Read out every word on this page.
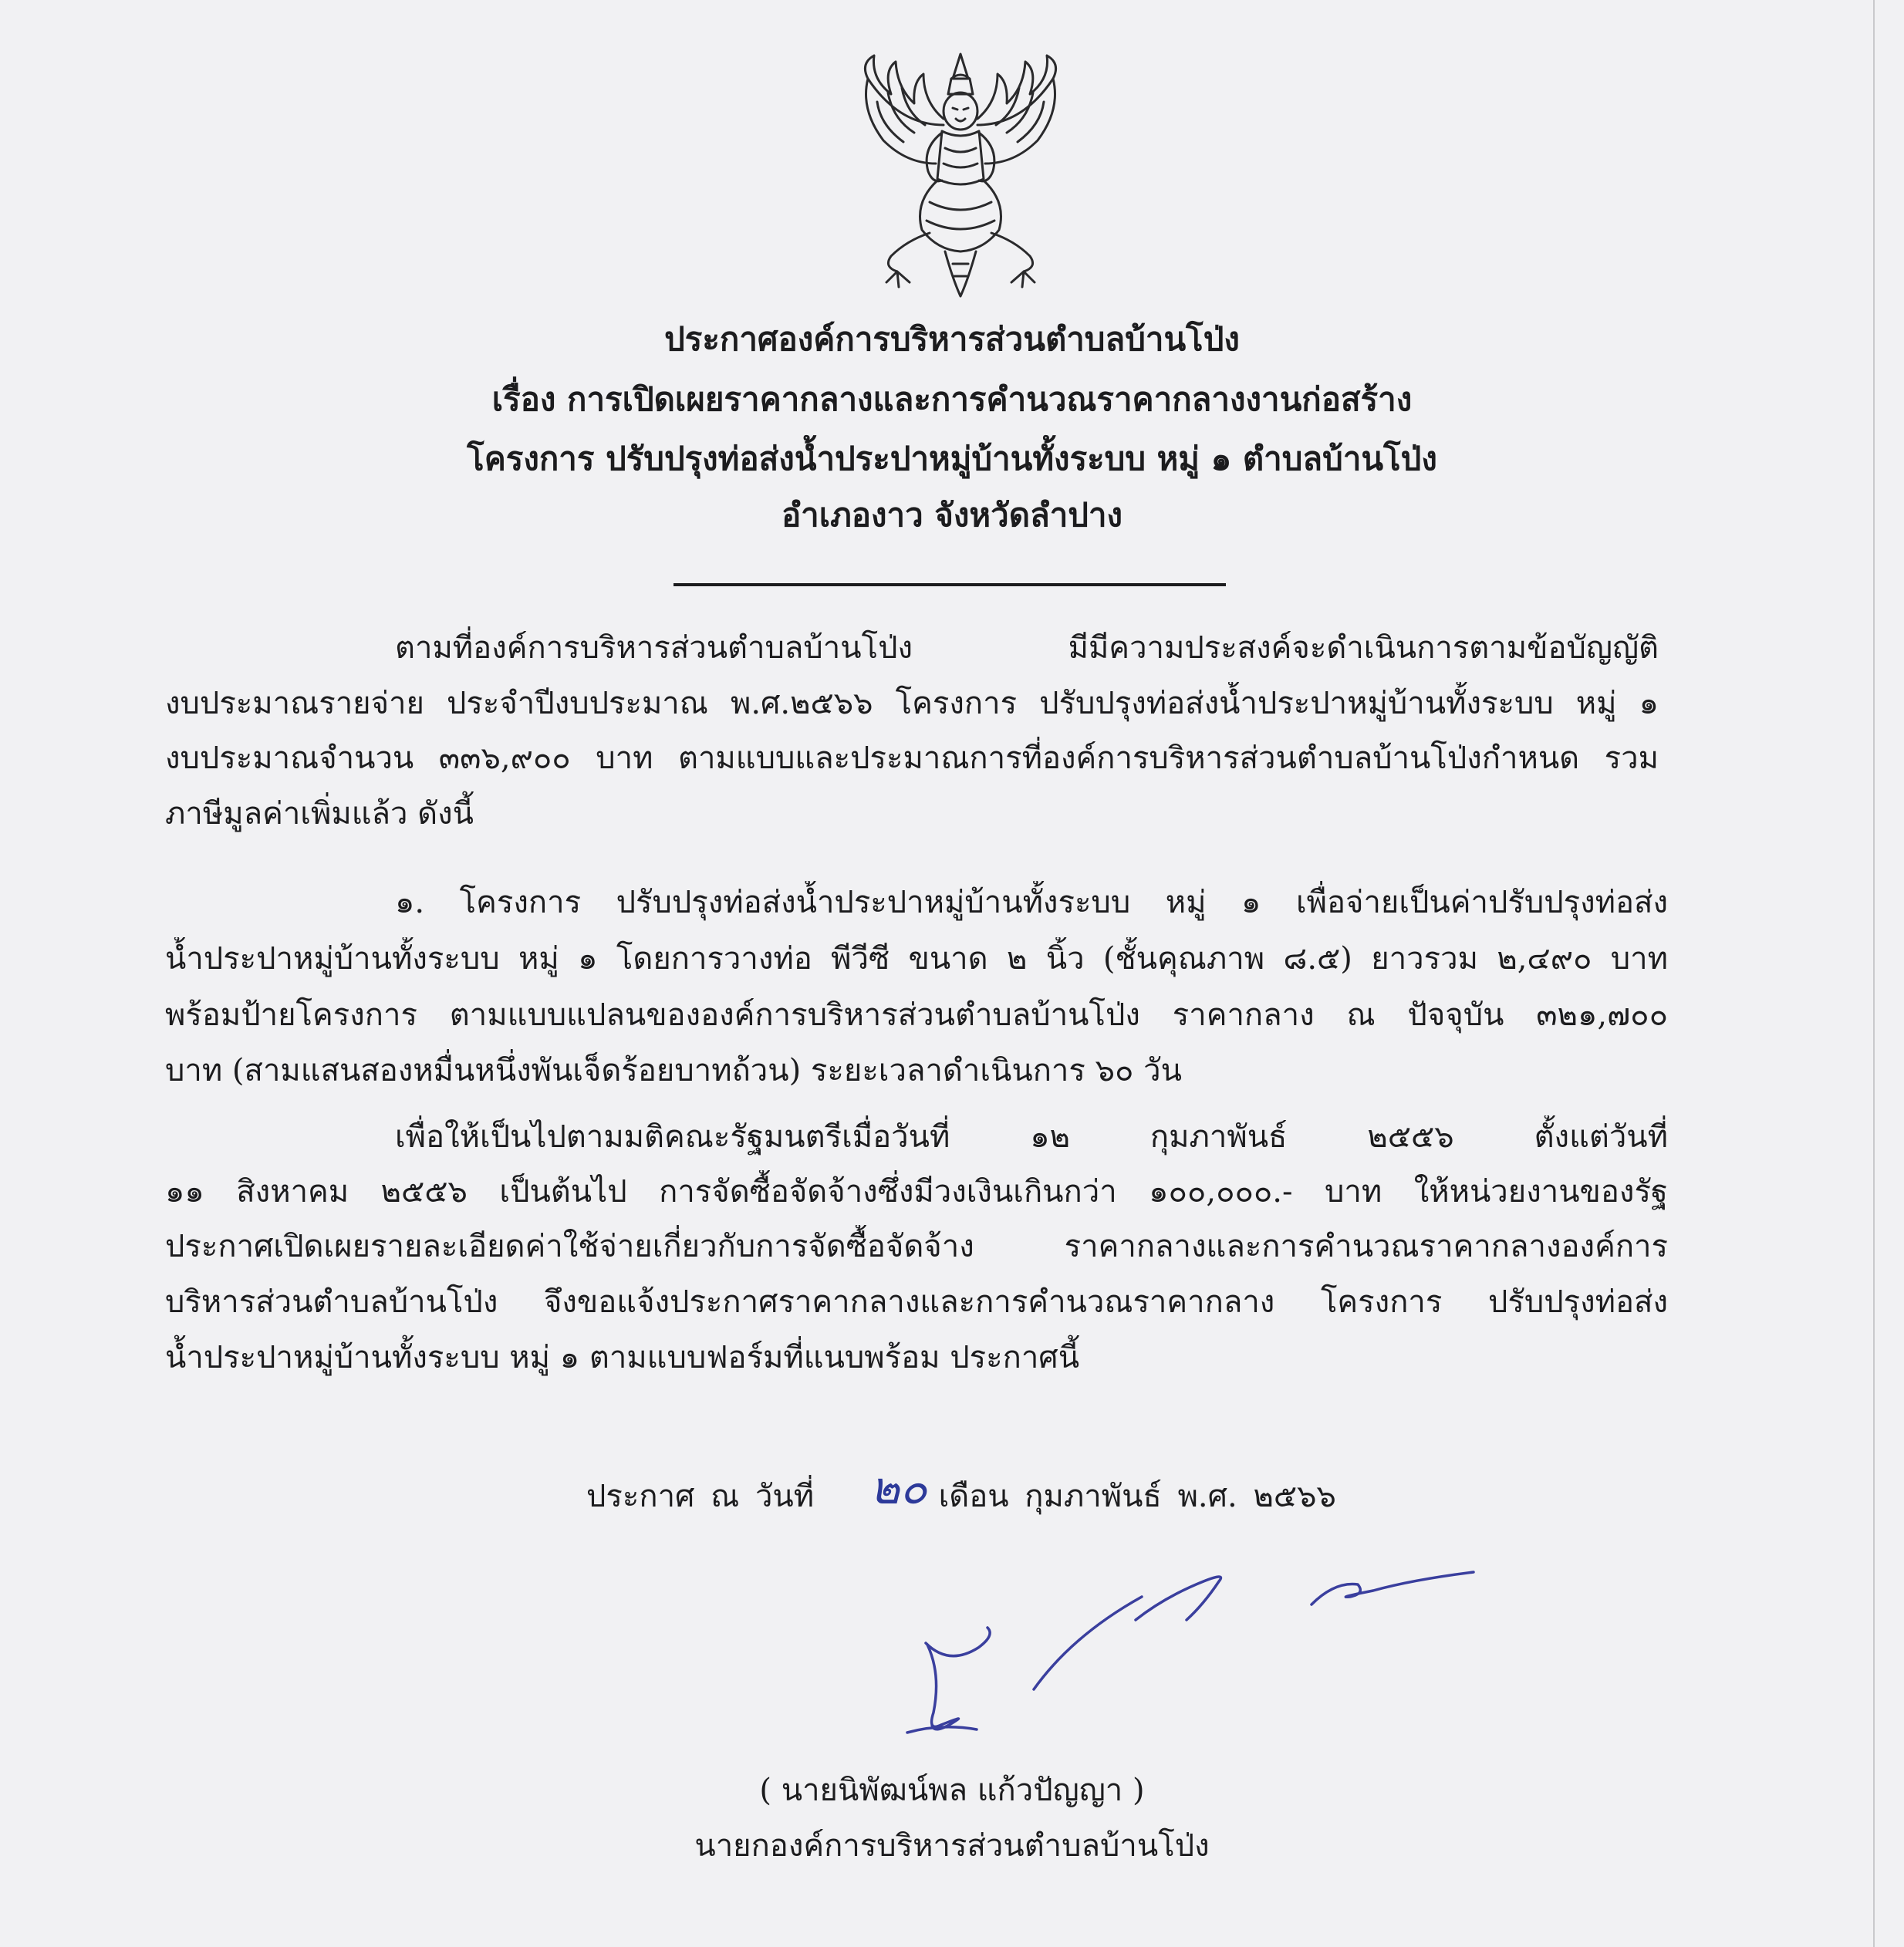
ประกาศองค์การบริหารส่วนตำบลบ้านโป่ง
เรื่อง การเปิดเผยราคากลางและการคำนวณราคากลางงานก่อสร้าง
โครงการ ปรับปรุงท่อส่งน้ำประปาหมู่บ้านทั้งระบบ หมู่ ๑ ตำบลบ้านโป่ง
อำเภองาว จังหวัดลำปาง
ตามที่องค์การบริหารส่วนตำบลบ้านโป่ง มีมีความประสงค์จะดำเนินการตามข้อบัญญัติ
งบประมาณรายจ่าย ประจำปีงบประมาณ พ.ศ.๒๕๖๖ โครงการ ปรับปรุงท่อส่งน้ำประปาหมู่บ้านทั้งระบบ หมู่ ๑
งบประมาณจำนวน ๓๓๖,๙๐๐ บาท ตามแบบและประมาณการที่องค์การบริหารส่วนตำบลบ้านโป่งกำหนด รวม
ภาษีมูลค่าเพิ่มแล้ว ดังนี้
๑. โครงการ ปรับปรุงท่อส่งน้ำประปาหมู่บ้านทั้งระบบ หมู่ ๑ เพื่อจ่ายเป็นค่าปรับปรุงท่อส่ง
น้ำประปาหมู่บ้านทั้งระบบ หมู่ ๑ โดยการวางท่อ พีวีซี ขนาด ๒ นิ้ว (ชั้นคุณภาพ ๘.๕) ยาวรวม ๒,๔๙๐ บาท
พร้อมป้ายโครงการ ตามแบบแปลนขององค์การบริหารส่วนตำบลบ้านโป่ง ราคากลาง ณ ปัจจุบัน ๓๒๑,๗๐๐
บาท (สามแสนสองหมื่นหนึ่งพันเจ็ดร้อยบาทถ้วน) ระยะเวลาดำเนินการ ๖๐ วัน
เพื่อให้เป็นไปตามมติคณะรัฐมนตรีเมื่อวันที่ ๑๒ กุมภาพันธ์ ๒๕๕๖ ตั้งแต่วันที่
๑๑ สิงหาคม ๒๕๕๖ เป็นต้นไป การจัดซื้อจัดจ้างซึ่งมีวงเงินเกินกว่า ๑๐๐,๐๐๐.- บาท ให้หน่วยงานของรัฐ
ประกาศเปิดเผยรายละเอียดค่าใช้จ่ายเกี่ยวกับการจัดซื้อจัดจ้าง ราคากลางและการคำนวณราคากลางองค์การ
บริหารส่วนตำบลบ้านโป่ง จึงขอแจ้งประกาศราคากลางและการคำนวณราคากลาง โครงการ ปรับปรุงท่อส่ง
น้ำประปาหมู่บ้านทั้งระบบ หมู่ ๑ ตามแบบฟอร์มที่แนบพร้อม ประกาศนี้
ประกาศ ณ วันที่	เดือน กุมภาพันธ์ พ.ศ. ๒๕๖๖
๒๐
( นายนิพัฒน์พล แก้วปัญญา )
นายกองค์การบริหารส่วนตำบลบ้านโป่ง
